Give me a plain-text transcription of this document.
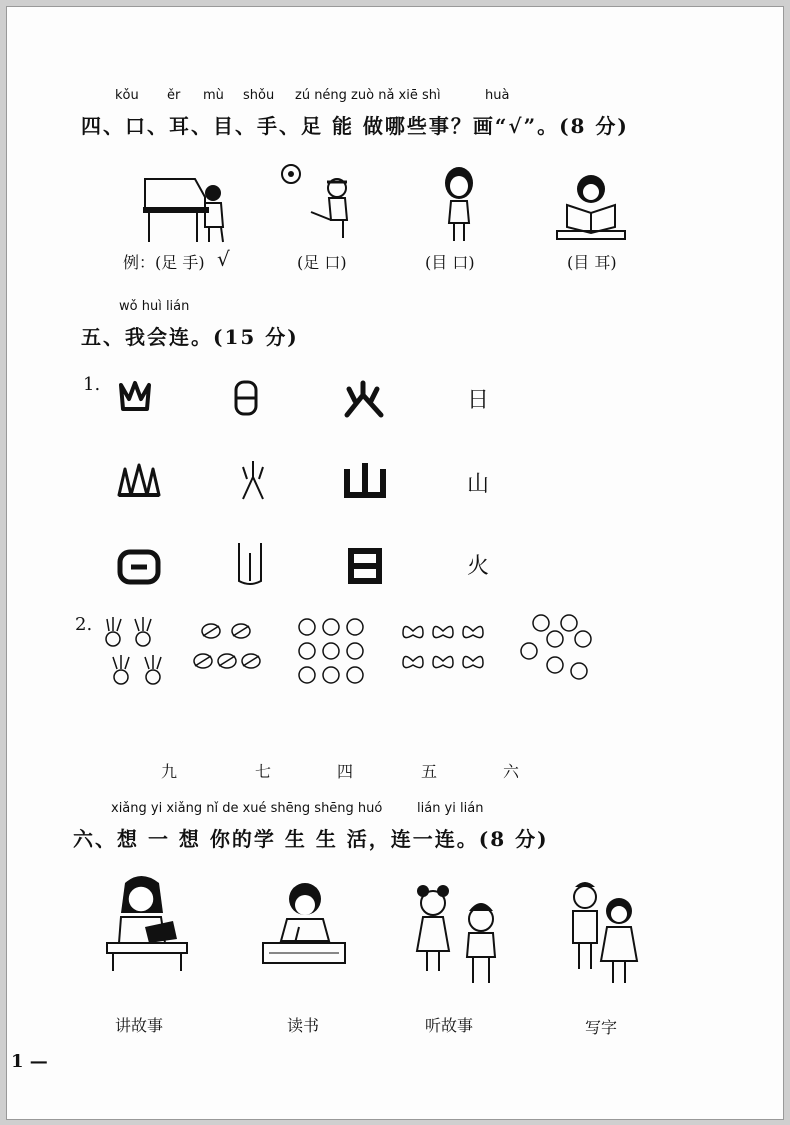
kǒu ěr mù shǒu zú néng zuò nǎ xiē shì	huà
四、口、耳、目、手、足 能 做哪些事？画“√”。(8 分)
例：(足 手) √	(足 口)	(目 口)	(目 耳)
wǒ huì lián
五、我会连。(15 分)
1.
日
山
火
2.
九	七	四	五	六
xiǎng yi xiǎng nǐ de xué shēng shēng huó	lián yi lián
六、想 一 想 你的学 生 生 活，连一连。(8 分)
讲故事	读书	听故事	写字
1 —
